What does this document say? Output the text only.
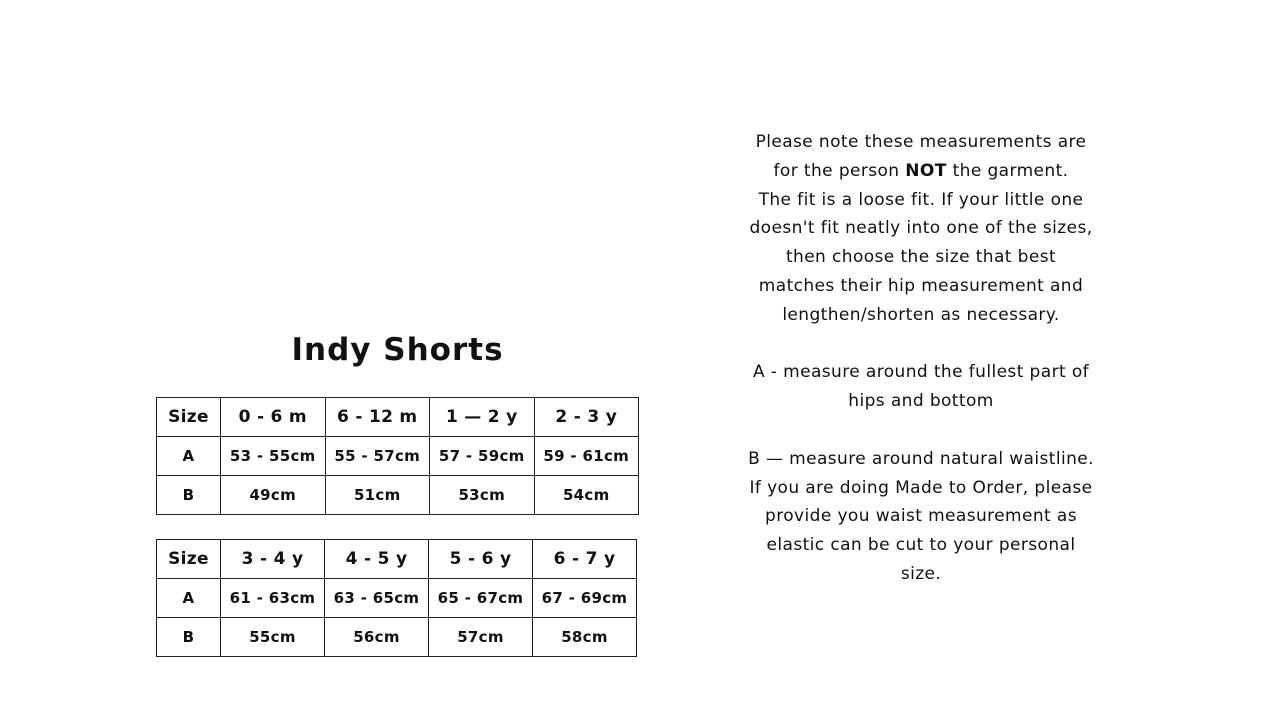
Indy Shorts
Size	0 - 6 m	6 - 12 m	1 — 2 y	2 - 3 y
A	53 - 55cm	55 - 57cm	57 - 59cm	59 - 61cm
B	49cm	51cm	53cm	54cm
Size	3 - 4 y	4 - 5 y	5 - 6 y	6 - 7 y
A	61 - 63cm	63 - 65cm	65 - 67cm	67 - 69cm
B	55cm	56cm	57cm	58cm

Please note these measurements are

for the person NOT the garment.

The fit is a loose fit. If your little one

doesn't fit neatly into one of the sizes,

then choose the size that best

matches their hip measurement and

lengthen/shorten as necessary.

A - measure around the fullest part of

hips and bottom

B — measure around natural waistline.

If you are doing Made to Order, please

provide you waist measurement as

elastic can be cut to your personal

size.
